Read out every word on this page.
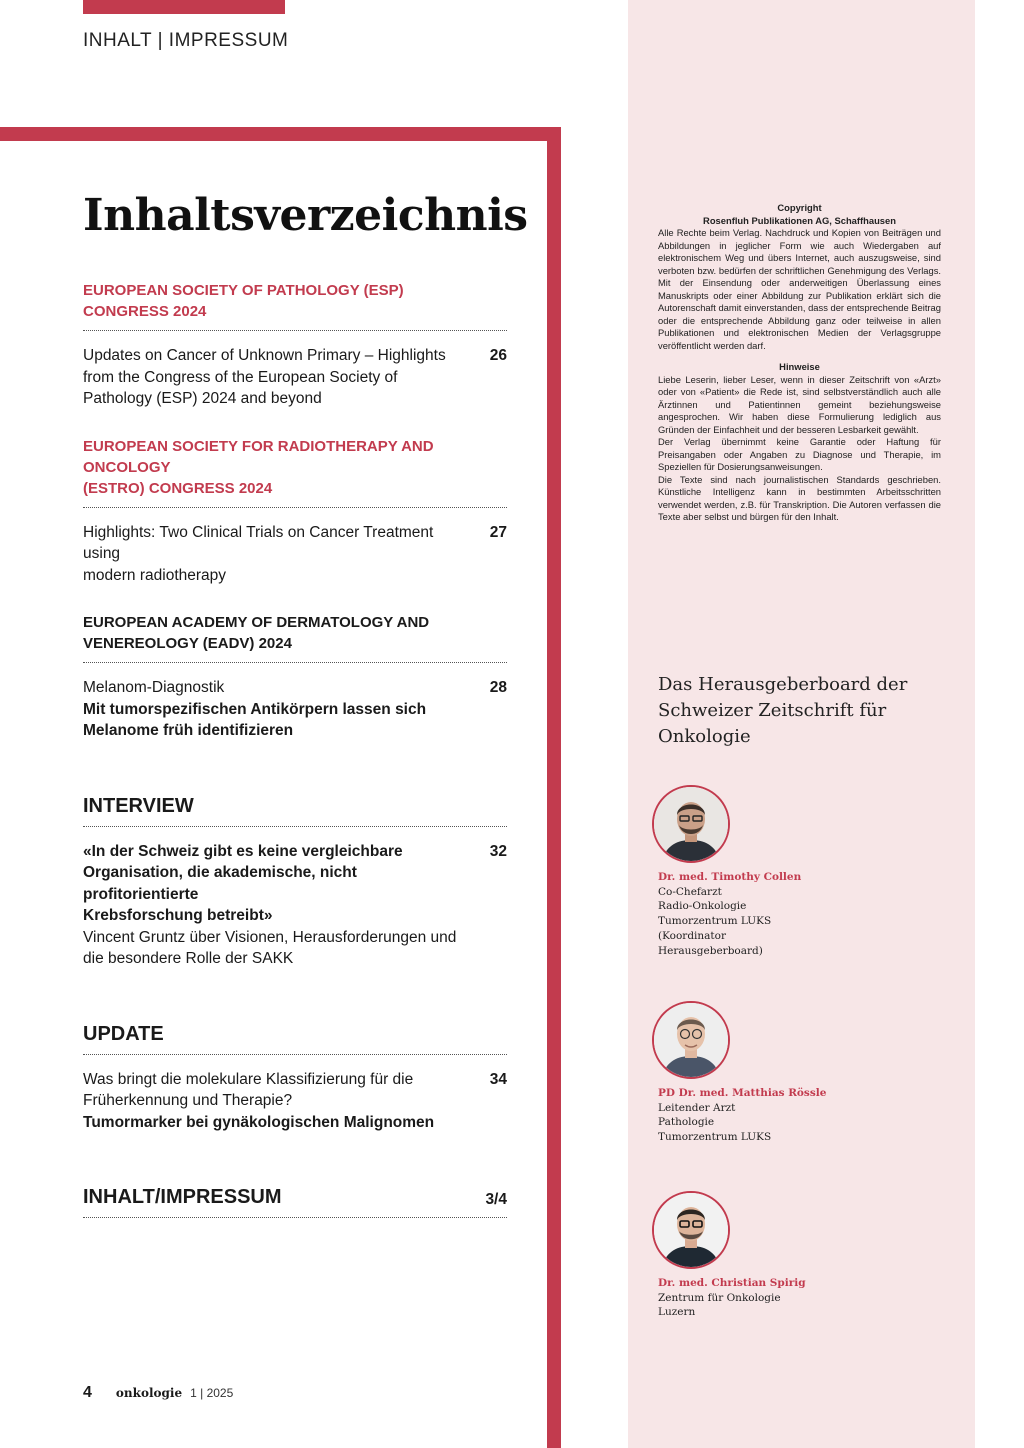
INHALT | IMPRESSUM
Inhaltsverzeichnis
EUROPEAN SOCIETY OF PATHOLOGY (ESP)
CONGRESS 2024
Updates on Cancer of Unknown Primary – Highlights
from the Congress of the European Society of
Pathology (ESP) 2024 and beyond
26
EUROPEAN SOCIETY FOR RADIOTHERAPY AND ONCOLOGY
(ESTRO) CONGRESS 2024
Highlights: Two Clinical Trials on Cancer Treatment using
modern radiotherapy
27
EUROPEAN ACADEMY OF DERMATOLOGY AND
VENEREOLOGY (EADV) 2024
Melanom-Diagnostik
Mit tumorspezifischen Antikörpern lassen sich
Melanome früh identifizieren
28
INTERVIEW
«In der Schweiz gibt es keine vergleichbare
Organisation, die akademische, nicht profitorientierte
Krebsforschung betreibt»
Vincent Gruntz über Visionen, Herausforderungen und
die besondere Rolle der SAKK
32
UPDATE
Was bringt die molekulare Klassifizierung für die
Früherkennung und Therapie?
Tumormarker bei gynäkologischen Malignomen
34
INHALT/IMPRESSUM	3/4
4 onkologie 1 | 2025
Copyright
Rosenfluh Publikationen AG, Schaffhausen

Alle Rechte beim Verlag. Nachdruck und Kopien von Beiträgen und Abbildungen in jeglicher Form wie auch Wiedergaben auf elektronischem Weg und übers Internet, auch auszugsweise, sind verboten bzw. bedürfen der schriftlichen Genehmigung des Verlags. Mit der Einsendung oder anderweitigen Überlassung eines Manuskripts oder einer Abbildung zur Publikation erklärt sich die Autorenschaft damit einverstanden, dass der entsprechende Beitrag oder die entsprechende Abbildung ganz oder teilweise in allen Publikationen und elektronischen Medien der Verlagsgruppe veröffentlicht werden darf.

Hinweise

Liebe Leserin, lieber Leser, wenn in dieser Zeitschrift von «Arzt» oder von «Patient» die Rede ist, sind selbstverständlich auch alle Ärztinnen und Patientinnen gemeint beziehungsweise angesprochen. Wir haben diese Formulierung lediglich aus Gründen der Einfachheit und der besseren Lesbarkeit gewählt.

Der Verlag übernimmt keine Garantie oder Haftung für Preisangaben oder Angaben zu Diagnose und Therapie, im Speziellen für Dosierungsanweisungen.

Die Texte sind nach journalistischen Standards geschrieben. Künstliche Intelligenz kann in bestimmten Arbeitsschritten verwendet werden, z.B. für Transkription. Die Autoren verfassen die Texte aber selbst und bürgen für den Inhalt.

Das Herausgeberboard der Schweizer Zeitschrift für Onkologie
Dr. med. Timothy Collen
Co-Chefarzt
Radio-Onkologie
Tumorzentrum LUKS
(Koordinator
Herausgeberboard)
PD Dr. med. Matthias Rössle
Leitender Arzt
Pathologie
Tumorzentrum LUKS
Dr. med. Christian Spirig
Zentrum für Onkologie
Luzern
